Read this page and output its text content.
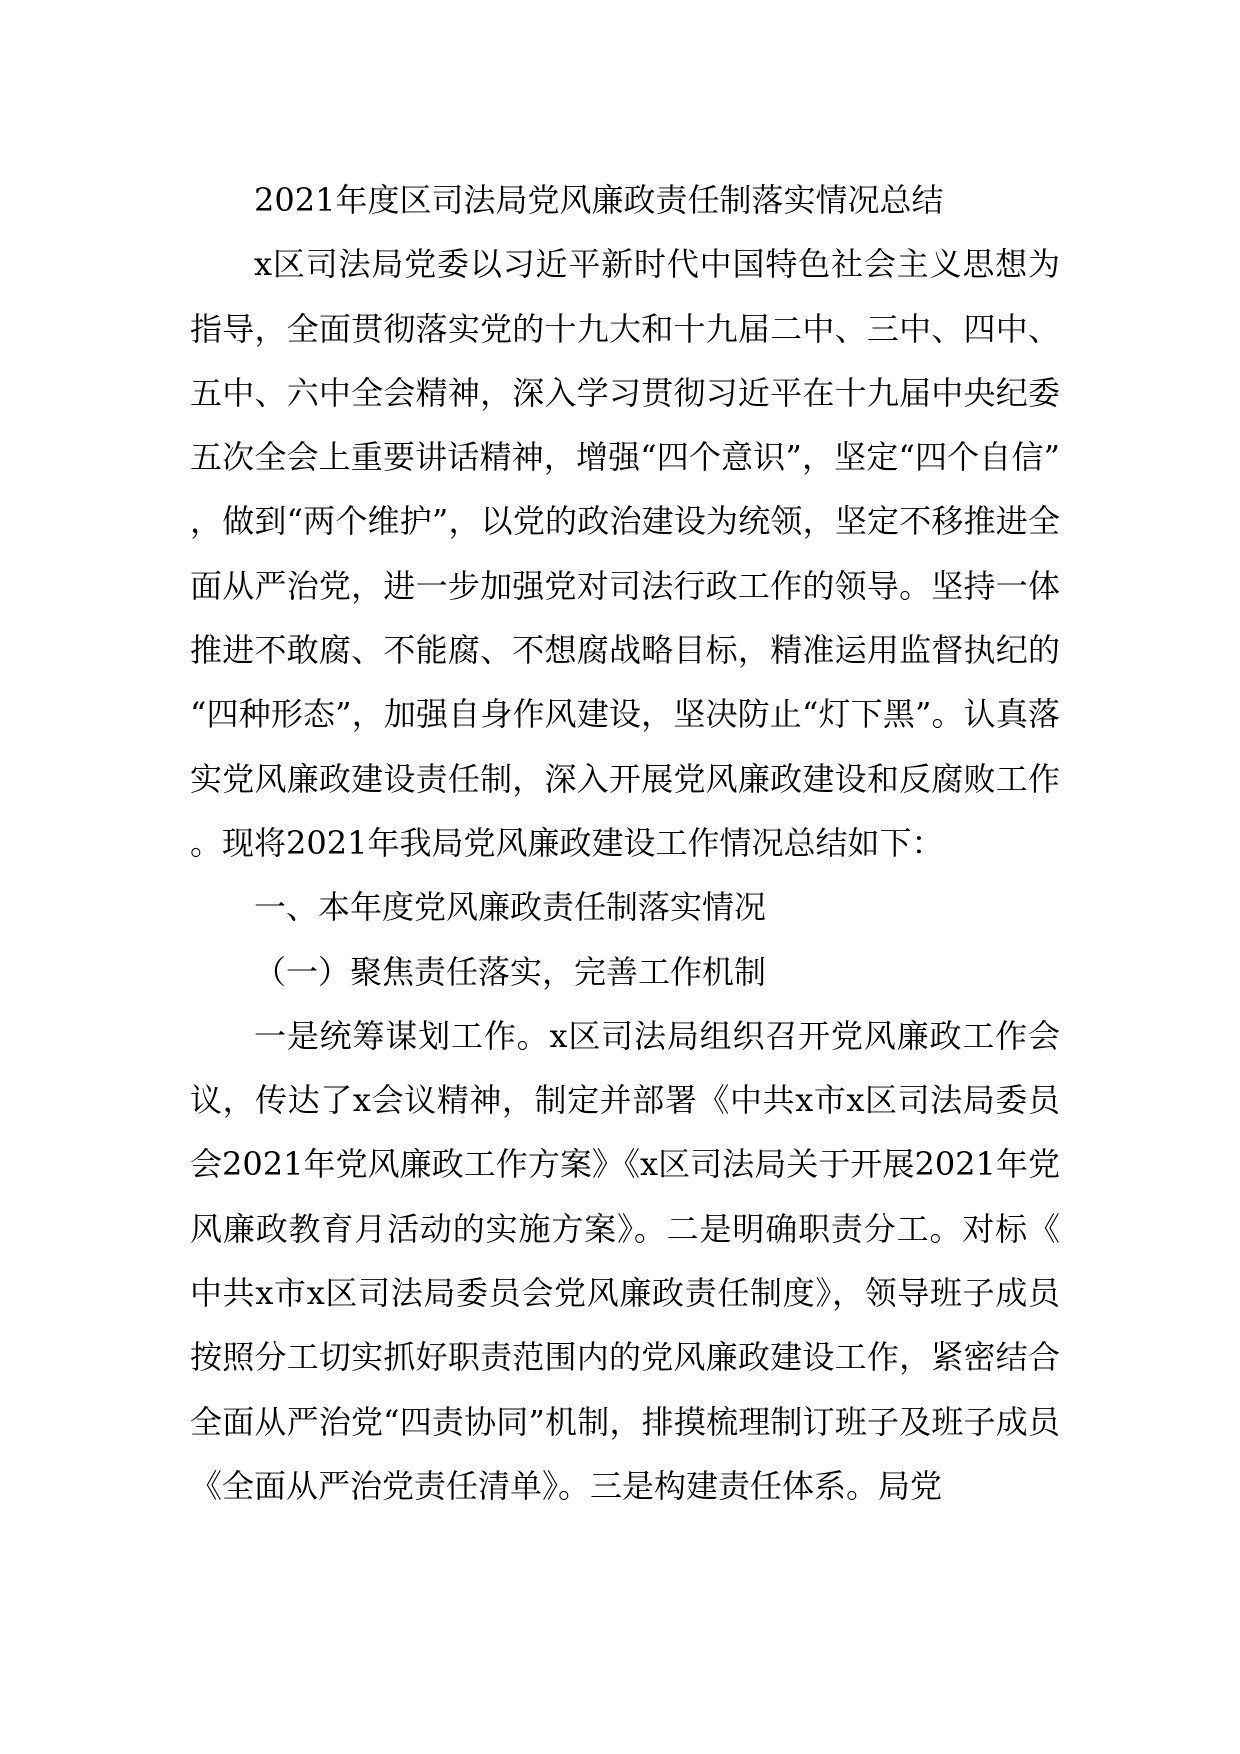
2021年度区司法局党风廉政责任制落实情况总结

x区司法局党委以习近平新时代中国特色社会主义思想为指导，全面贯彻落实党的十九大和十九届二中、三中、四中、五中、六中全会精神，深入学习贯彻习近平在十九届中央纪委五次全会上重要讲话精神，增强“四个意识”，坚定“四个自信”，做到“两个维护”，以党的政治建设为统领，坚定不移推进全面从严治党，进一步加强党对司法行政工作的领导。坚持一体推进不敢腐、不能腐、不想腐战略目标，精准运用监督执纪的“四种形态”，加强自身作风建设，坚决防止“灯下黑”。认真落实党风廉政建设责任制，深入开展党风廉政建设和反腐败工作。现将2021年我局党风廉政建设工作情况总结如下：

一、本年度党风廉政责任制落实情况

（一）聚焦责任落实，完善工作机制

一是统筹谋划工作。x区司法局组织召开党风廉政工作会议，传达了x会议精神，制定并部署《中共x市x区司法局委员会2021年党风廉政工作方案》《x区司法局关于开展2021年党风廉政教育月活动的实施方案》。二是明确职责分工。对标《中共x市x区司法局委员会党风廉政责任制度》，领导班子成员按照分工切实抓好职责范围内的党风廉政建设工作，紧密结合全面从严治党“四责协同”机制，排摸梳理制订班子及班子成员《全面从严治党责任清单》。三是构建责任体系。局党
